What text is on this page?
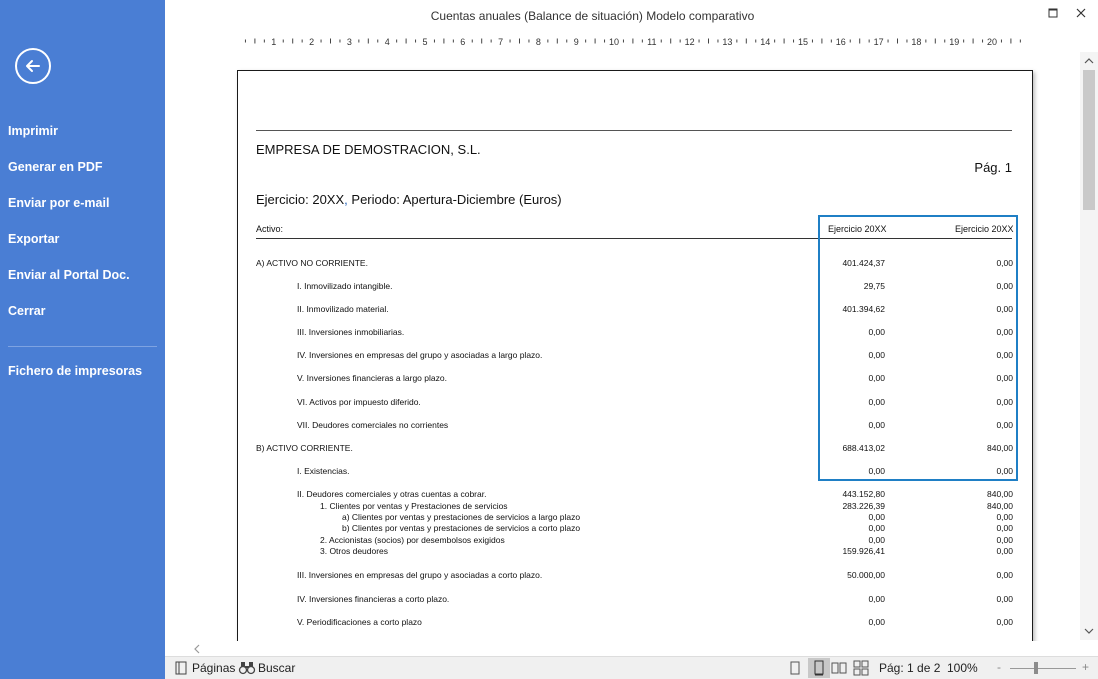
Imprimir
Generar en PDF
Enviar por e-mail
Exportar
Enviar al Portal Doc.
Cerrar
Fichero de impresoras
Cuentas anuales (Balance de situación) Modelo comparativo
1	2	3	4	5	6	7	8	9	10	11	12	13	14	15	16	17	18	19	20
EMPRESA DE DEMOSTRACION, S.L.
Pág. 1
Ejercicio: 20XX, Periodo: Apertura-Diciembre (Euros)
Activo:	Ejercicio 20XX	Ejercicio 20XX
A) ACTIVO NO CORRIENTE.	401.424,37	0,00
I. Inmovilizado intangible.	29,75	0,00
II. Inmovilizado material.	401.394,62	0,00
III. Inversiones inmobiliarias.	0,00	0,00
IV. Inversiones en empresas del grupo y asociadas a largo plazo.	0,00	0,00
V. Inversiones financieras a largo plazo.	0,00	0,00
VI. Activos por impuesto diferido.	0,00	0,00
VII. Deudores comerciales no corrientes	0,00	0,00
B) ACTIVO CORRIENTE.	688.413,02	840,00
I. Existencias.	0,00	0,00
II. Deudores comerciales y otras cuentas a cobrar.	443.152,80	840,00
1. Clientes por ventas y Prestaciones de servicios	283.226,39	840,00
a) Clientes por ventas y prestaciones de servicios a largo plazo	0,00	0,00
b) Clientes por ventas y prestaciones de servicios a corto plazo	0,00	0,00
2. Accionistas (socios) por desembolsos exigidos	0,00	0,00
3. Otros deudores	159.926,41	0,00
III. Inversiones en empresas del grupo y asociadas a corto plazo.	50.000,00	0,00
IV. Inversiones financieras a corto plazo.	0,00	0,00
V. Periodificaciones a corto plazo	0,00	0,00
Páginas Buscar	Pág: 1 de 2 100% -	+
